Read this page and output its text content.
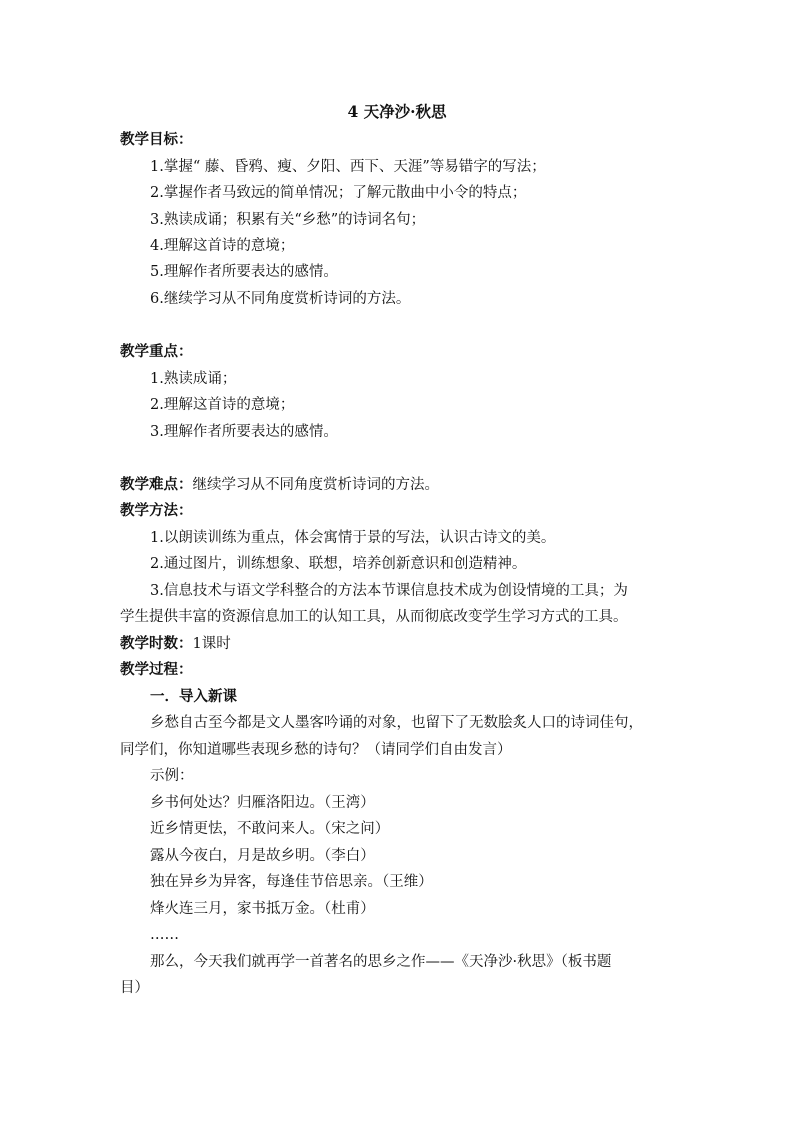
4 天净沙·秋思
教学目标：
1.掌握“ 藤、昏鸦、瘦、夕阳、西下、天涯”等易错字的写法；
2.掌握作者马致远的简单情况；了解元散曲中小令的特点；
3.熟读成诵；积累有关“乡愁”的诗词名句；
4.理解这首诗的意境；
5.理解作者所要表达的感情。
6.继续学习从不同角度赏析诗词的方法。
教学重点：
1.熟读成诵；
2.理解这首诗的意境；
3.理解作者所要表达的感情。
教学难点：继续学习从不同角度赏析诗词的方法。
教学方法：
1.以朗读训练为重点，体会寓情于景的写法，认识古诗文的美。
2.通过图片，训练想象、联想，培养创新意识和创造精神。
3.信息技术与语文学科整合的方法本节课信息技术成为创设情境的工具；为
学生提供丰富的资源信息加工的认知工具，从而彻底改变学生学习方式的工具。
教学时数：1课时
教学过程：
一．导入新课
乡愁自古至今都是文人墨客吟诵的对象，也留下了无数脍炙人口的诗词佳句，
同学们，你知道哪些表现乡愁的诗句？（请同学们自由发言）
示例：
乡书何处达？归雁洛阳边。（王湾）
近乡情更怯，不敢问来人。（宋之问）
露从今夜白，月是故乡明。（李白）
独在异乡为异客，每逢佳节倍思亲。（王维）
烽火连三月，家书抵万金。（杜甫）
……
那么，今天我们就再学一首著名的思乡之作——《天净沙·秋思》（板书题
目）
